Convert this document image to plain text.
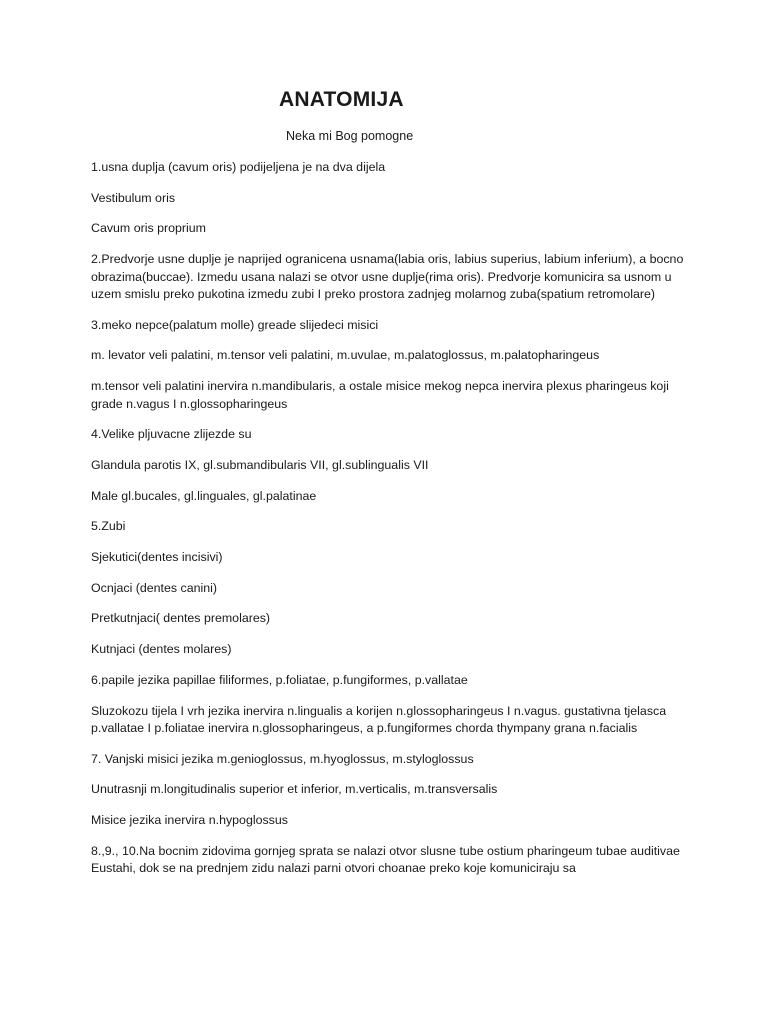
ANATOMIJA
Neka mi Bog pomogne

1.usna duplja (cavum oris) podijeljena je na dva dijela

Vestibulum oris

Cavum oris proprium

2.Predvorje usne duplje je naprijed ogranicena usnama(labia oris, labius superius, labium inferium), a bocno obrazima(buccae). Izmedu usana nalazi se otvor usne duplje(rima oris). Predvorje komunicira sa usnom u uzem smislu preko pukotina izmedu zubi I preko prostora zadnjeg molarnog zuba(spatium retromolare)

3.meko nepce(palatum molle) greade slijedeci misici

m. levator veli palatini, m.tensor veli palatini, m.uvulae, m.palatoglossus, m.palatopharingeus

m.tensor veli palatini inervira n.mandibularis, a ostale misice mekog nepca inervira plexus pharingeus koji grade n.vagus I n.glossopharingeus

4.Velike pljuvacne zlijezde su

Glandula parotis IX, gl.submandibularis VII, gl.sublingualis VII

Male gl.bucales, gl.linguales, gl.palatinae

5.Zubi

Sjekutici(dentes incisivi)

Ocnjaci (dentes canini)

Pretkutnjaci( dentes premolares)

Kutnjaci (dentes molares)

6.papile jezika papillae filiformes, p.foliatae, p.fungiformes, p.vallatae

Sluzokozu tijela I vrh jezika inervira n.lingualis a korijen n.glossopharingeus I n.vagus. gustativna tjelasca p.vallatae I p.foliatae inervira n.glossopharingeus, a p.fungiformes chorda thympany grana n.facialis

7. Vanjski misici jezika m.genioglossus, m.hyoglossus, m.styloglossus

Unutrasnji m.longitudinalis superior et inferior, m.verticalis, m.transversalis

Misice jezika inervira n.hypoglossus

8.,9., 10.Na bocnim zidovima gornjeg sprata se nalazi otvor slusne tube ostium pharingeum tubae auditivae Eustahi, dok se na prednjem zidu nalazi parni otvori choanae preko koje komuniciraju sa
